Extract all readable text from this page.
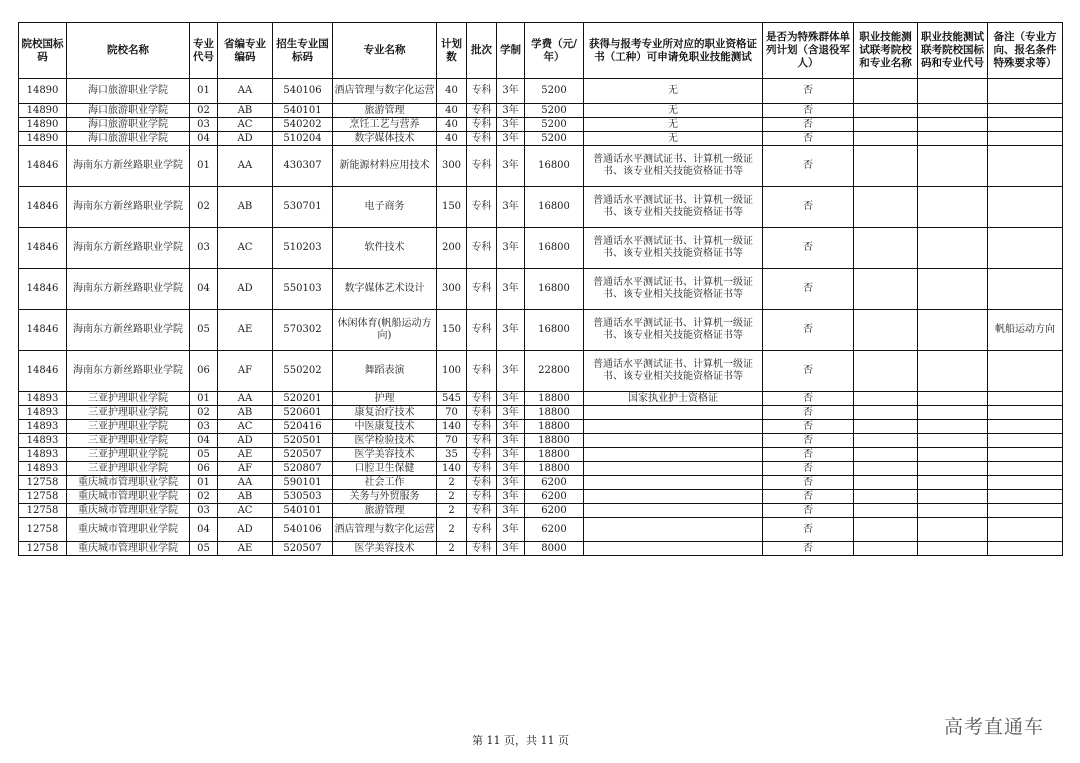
院校国标码	院校名称	专业代号	省编专业编码	招生专业国标码	专业名称	计划数	批次	学制	学费（元/年）	获得与报考专业所对应的职业资格证书（工种）可申请免职业技能测试	是否为特殊群体单列计划（含退役军人）	职业技能测试联考院校和专业名称	职业技能测试联考院校国标码和专业代号	备注（专业方向、报名条件特殊要求等）
14890	海口旅游职业学院	01	AA	540106	酒店管理与数字化运营	40	专科	3年	5200	无	否			
14890	海口旅游职业学院	02	AB	540101	旅游管理	40	专科	3年	5200	无	否			
14890	海口旅游职业学院	03	AC	540202	烹饪工艺与营养	40	专科	3年	5200	无	否			
14890	海口旅游职业学院	04	AD	510204	数字媒体技术	40	专科	3年	5200	无	否			
14846	海南东方新丝路职业学院	01	AA	430307	新能源材料应用技术	300	专科	3年	16800	普通话水平测试证书、计算机一级证书、该专业相关技能资格证书等	否			
14846	海南东方新丝路职业学院	02	AB	530701	电子商务	150	专科	3年	16800	普通话水平测试证书、计算机一级证书、该专业相关技能资格证书等	否			
14846	海南东方新丝路职业学院	03	AC	510203	软件技术	200	专科	3年	16800	普通话水平测试证书、计算机一级证书、该专业相关技能资格证书等	否			
14846	海南东方新丝路职业学院	04	AD	550103	数字媒体艺术设计	300	专科	3年	16800	普通话水平测试证书、计算机一级证书、该专业相关技能资格证书等	否			
14846	海南东方新丝路职业学院	05	AE	570302	休闲体育(帆船运动方向)	150	专科	3年	16800	普通话水平测试证书、计算机一级证书、该专业相关技能资格证书等	否			帆船运动方向
14846	海南东方新丝路职业学院	06	AF	550202	舞蹈表演	100	专科	3年	22800	普通话水平测试证书、计算机一级证书、该专业相关技能资格证书等	否			
14893	三亚护理职业学院	01	AA	520201	护理	545	专科	3年	18800	国家执业护士资格证	否			
14893	三亚护理职业学院	02	AB	520601	康复治疗技术	70	专科	3年	18800		否			
14893	三亚护理职业学院	03	AC	520416	中医康复技术	140	专科	3年	18800		否			
14893	三亚护理职业学院	04	AD	520501	医学检验技术	70	专科	3年	18800		否			
14893	三亚护理职业学院	05	AE	520507	医学美容技术	35	专科	3年	18800		否			
14893	三亚护理职业学院	06	AF	520807	口腔卫生保健	140	专科	3年	18800		否			
12758	重庆城市管理职业学院	01	AA	590101	社会工作	2	专科	3年	6200		否			
12758	重庆城市管理职业学院	02	AB	530503	关务与外贸服务	2	专科	3年	6200		否			
12758	重庆城市管理职业学院	03	AC	540101	旅游管理	2	专科	3年	6200		否			
12758	重庆城市管理职业学院	04	AD	540106	酒店管理与数字化运营	2	专科	3年	6200		否			
12758	重庆城市管理职业学院	05	AE	520507	医学美容技术	2	专科	3年	8000		否			
第 11 页，共 11 页
高考直通车
